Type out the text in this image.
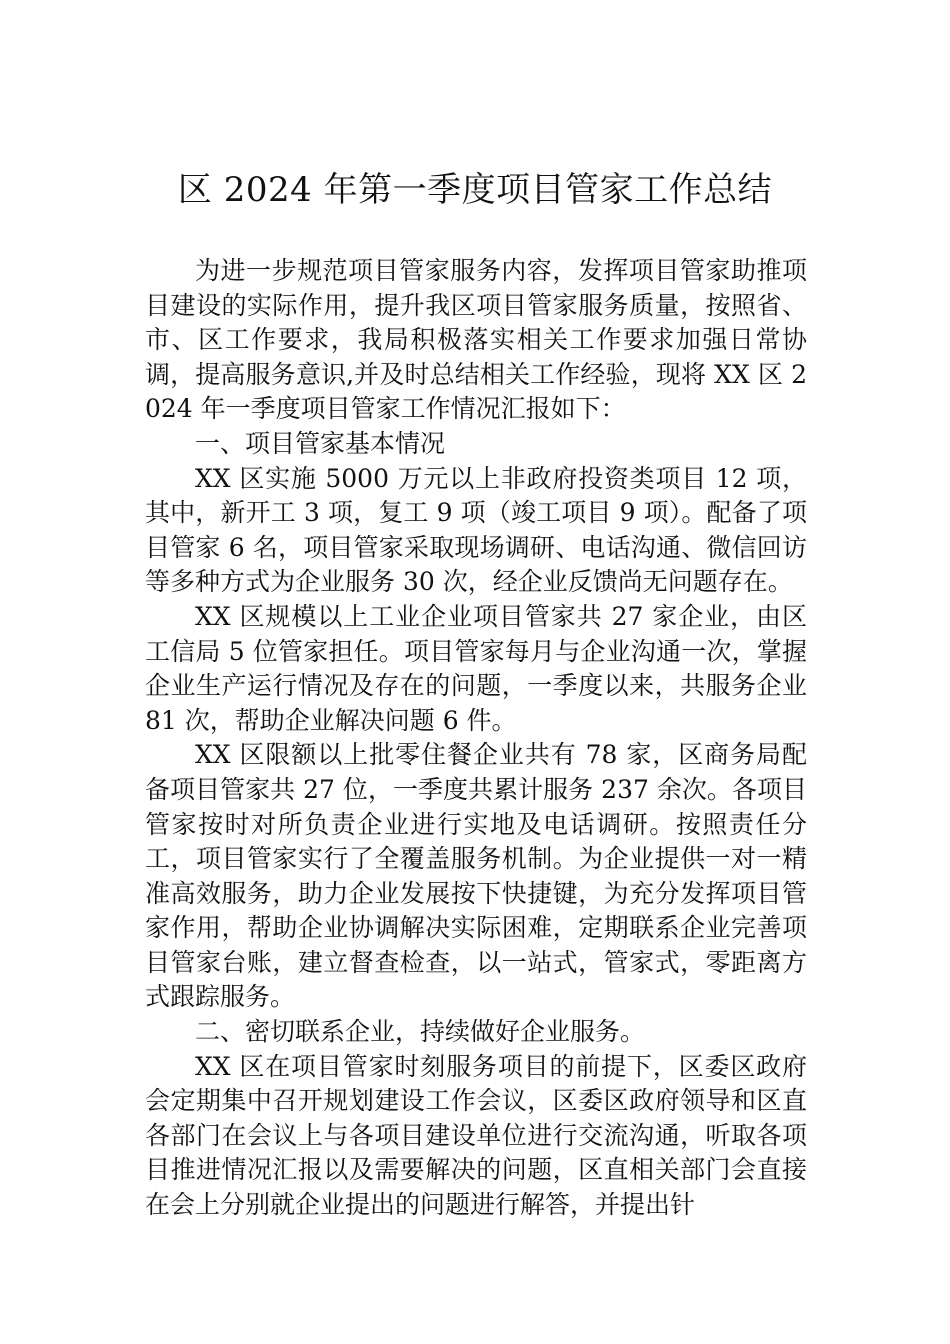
区 2024 年第一季度项目管家工作总结

为进一步规范项目管家服务内容，发挥项目管家助推项目建设的实际作用，提升我区项目管家服务质量，按照省、市、区工作要求，我局积极落实相关工作要求加强日常协调，提高服务意识,并及时总结相关工作经验，现将 XX 区 2024 年一季度项目管家工作情况汇报如下：

一、项目管家基本情况

XX 区实施 5000 万元以上非政府投资类项目 12 项，其中，新开工 3 项，复工 9 项（竣工项目 9 项）。配备了项目管家 6 名，项目管家采取现场调研、电话沟通、微信回访等多种方式为企业服务 30 次，经企业反馈尚无问题存在。

XX 区规模以上工业企业项目管家共 27 家企业，由区工信局 5 位管家担任。项目管家每月与企业沟通一次，掌握企业生产运行情况及存在的问题，一季度以来，共服务企业 81 次，帮助企业解决问题 6 件。

XX 区限额以上批零住餐企业共有 78 家，区商务局配备项目管家共 27 位，一季度共累计服务 237 余次。各项目管家按时对所负责企业进行实地及电话调研。按照责任分工，项目管家实行了全覆盖服务机制。为企业提供一对一精准高效服务，助力企业发展按下快捷键，为充分发挥项目管家作用，帮助企业协调解决实际困难，定期联系企业完善项目管家台账，建立督查检查，以一站式，管家式，零距离方式跟踪服务。

二、密切联系企业，持续做好企业服务。

XX 区在项目管家时刻服务项目的前提下，区委区政府会定期集中召开规划建设工作会议，区委区政府领导和区直各部门在会议上与各项目建设单位进行交流沟通，听取各项目推进情况汇报以及需要解决的问题，区直相关部门会直接在会上分别就企业提出的问题进行解答，并提出针
